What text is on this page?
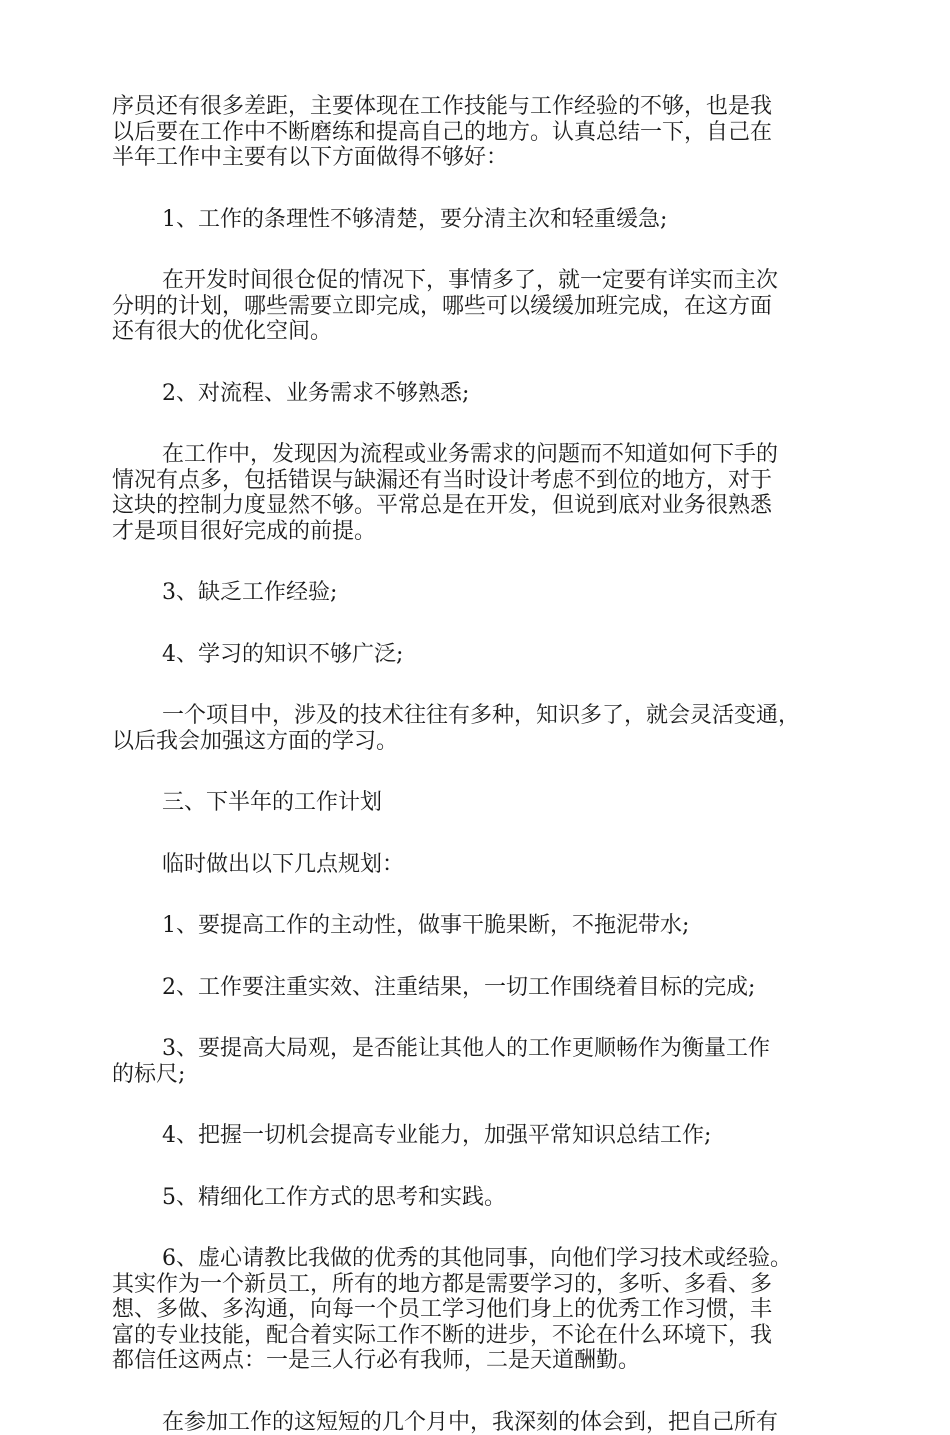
序员还有很多差距，主要体现在工作技能与工作经验的不够，也是我
以后要在工作中不断磨练和提高自己的地方。认真总结一下，自己在
半年工作中主要有以下方面做得不够好：

1、工作的条理性不够清楚，要分清主次和轻重缓急;

在开发时间很仓促的情况下，事情多了，就一定要有详实而主次
分明的计划，哪些需要立即完成，哪些可以缓缓加班完成，在这方面
还有很大的优化空间。

2、对流程、业务需求不够熟悉;

在工作中，发现因为流程或业务需求的问题而不知道如何下手的
情况有点多，包括错误与缺漏还有当时设计考虑不到位的地方，对于
这块的控制力度显然不够。平常总是在开发，但说到底对业务很熟悉
才是项目很好完成的前提。

3、缺乏工作经验;

4、学习的知识不够广泛;

一个项目中，涉及的技术往往有多种，知识多了，就会灵活变通，
以后我会加强这方面的学习。

三、下半年的工作计划

临时做出以下几点规划：

1、要提高工作的主动性，做事干脆果断，不拖泥带水;

2、工作要注重实效、注重结果，一切工作围绕着目标的完成;

3、要提高大局观，是否能让其他人的工作更顺畅作为衡量工作
的标尺;

4、把握一切机会提高专业能力，加强平常知识总结工作;

5、精细化工作方式的思考和实践。

6、虚心请教比我做的优秀的其他同事，向他们学习技术或经验。
其实作为一个新员工，所有的地方都是需要学习的，多听、多看、多
想、多做、多沟通，向每一个员工学习他们身上的优秀工作习惯，丰
富的专业技能，配合着实际工作不断的进步，不论在什么环境下，我
都信任这两点：一是三人行必有我师，二是天道酬勤。

在参加工作的这短短的几个月中，我深刻的体会到，把自己所有
